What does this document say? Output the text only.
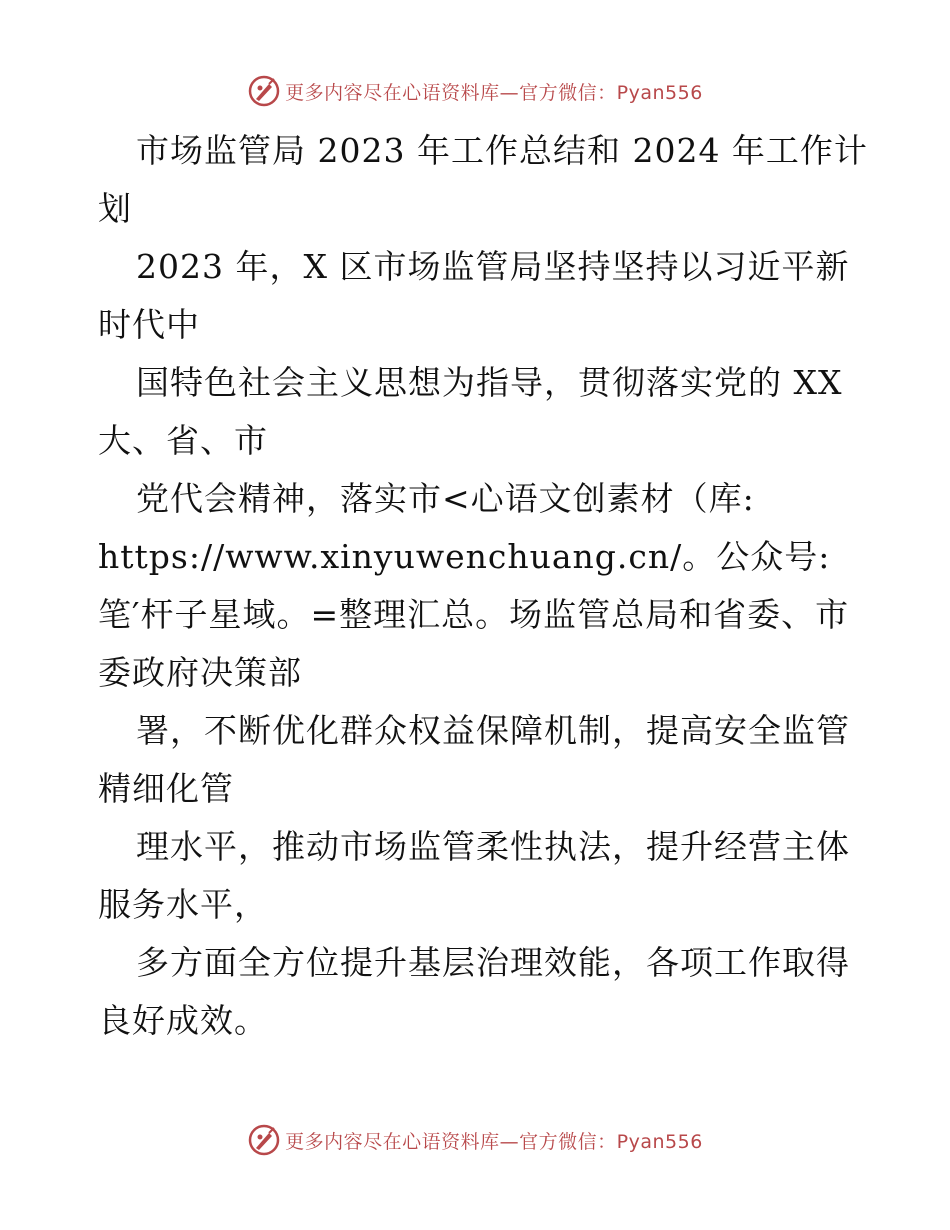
更多内容尽在心语资料库—官方微信：Pyan556
市场监管局 2023 年工作总结和 2024 年工作计
划
2023 年，X 区市场监管局坚持坚持以习近平新
时代中
国特色社会主义思想为指导，贯彻落实党的 XX
大、省、市
党代会精神，落实市<心语文创素材（库:
https://www.xinyuwenchuang.cn/。公众号:
笔′杆子星域。=整理汇总。场监管总局和省委、市
委政府决策部
署，不断优化群众权益保障机制，提高安全监管
精细化管
理水平，推动市场监管柔性执法，提升经营主体
服务水平，
多方面全方位提升基层治理效能，各项工作取得
良好成效。
更多内容尽在心语资料库—官方微信：Pyan556
